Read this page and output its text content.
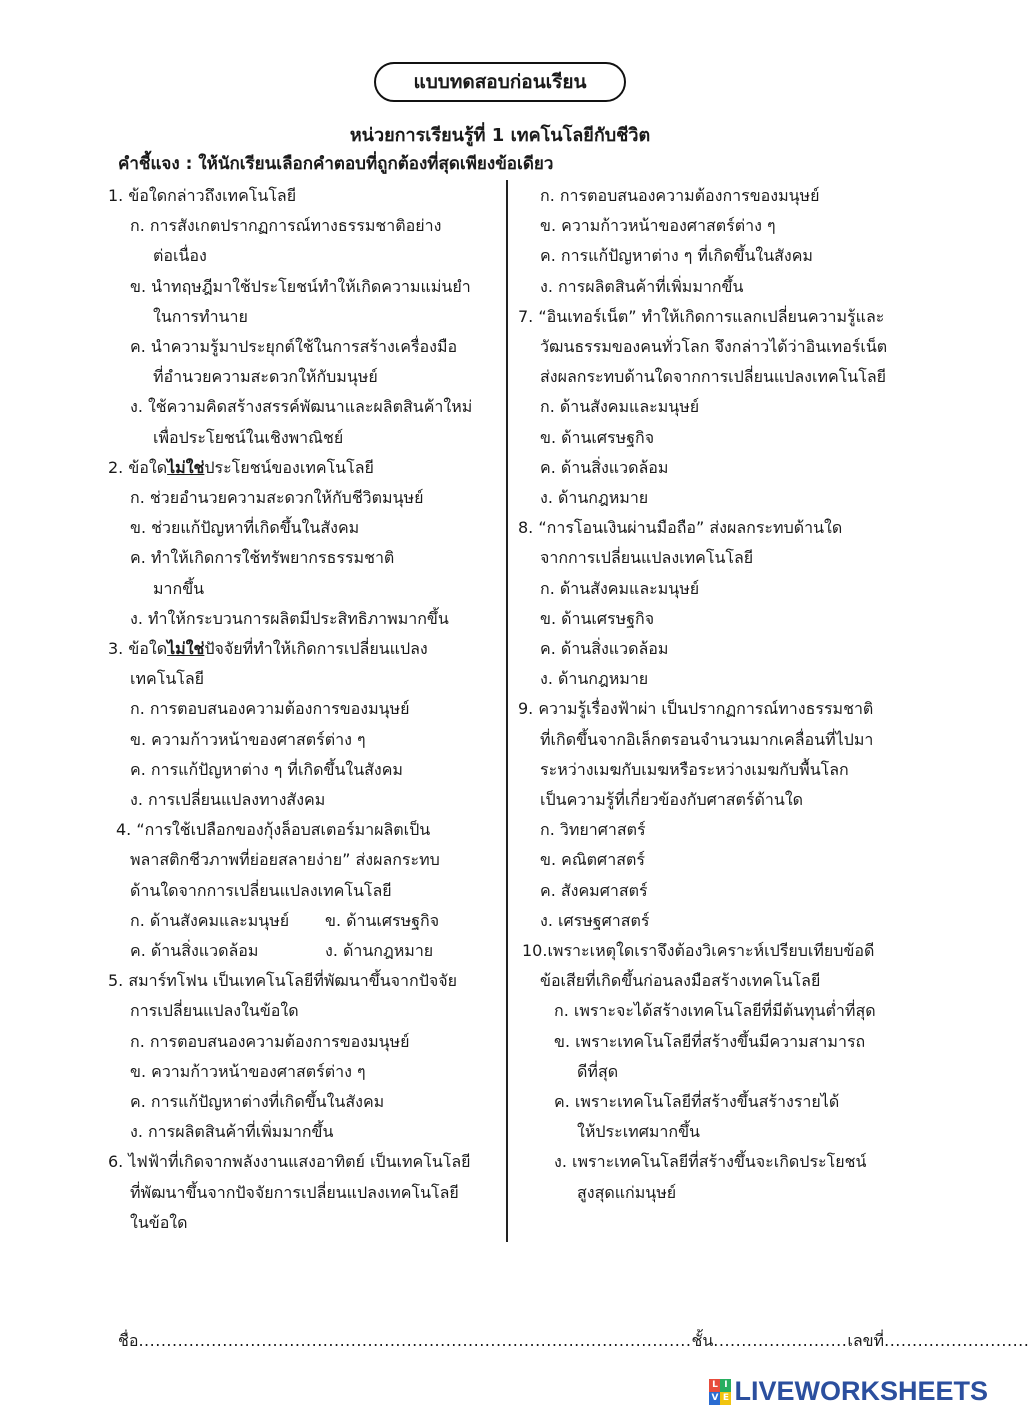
แบบทดสอบก่อนเรียน
หน่วยการเรียนรู้ที่ 1 เทคโนโลยีกับชีวิต
คำชี้แจง : ให้นักเรียนเลือกคำตอบที่ถูกต้องที่สุดเพียงข้อเดียว
1. ข้อใดกล่าวถึงเทคโนโลยี
ก. การสังเกตปรากฏการณ์ทางธรรมชาติอย่าง
ต่อเนื่อง
ข. นำทฤษฎีมาใช้ประโยชน์ทำให้เกิดความแม่นยำ
ในการทำนาย
ค. นำความรู้มาประยุกต์ใช้ในการสร้างเครื่องมือ
ที่อำนวยความสะดวกให้กับมนุษย์
ง. ใช้ความคิดสร้างสรรค์พัฒนาและผลิตสินค้าใหม่
เพื่อประโยชน์ในเชิงพาณิชย์
2. ข้อใดไม่ใช่ประโยชน์ของเทคโนโลยี
ก. ช่วยอำนวยความสะดวกให้กับชีวิตมนุษย์
ข. ช่วยแก้ปัญหาที่เกิดขึ้นในสังคม
ค. ทำให้เกิดการใช้ทรัพยากรธรรมชาติ
มากขึ้น
ง. ทำให้กระบวนการผลิตมีประสิทธิภาพมากขึ้น
3. ข้อใดไม่ใช่ปัจจัยที่ทำให้เกิดการเปลี่ยนแปลง
เทคโนโลยี
ก. การตอบสนองความต้องการของมนุษย์
ข. ความก้าวหน้าของศาสตร์ต่าง ๆ
ค. การแก้ปัญหาต่าง ๆ ที่เกิดขึ้นในสังคม
ง. การเปลี่ยนแปลงทางสังคม
4. “การใช้เปลือกของกุ้งล็อบสเตอร์มาผลิตเป็น
พลาสติกชีวภาพที่ย่อยสลายง่าย” ส่งผลกระทบ
ด้านใดจากการเปลี่ยนแปลงเทคโนโลยี
ก. ด้านสังคมและมนุษย์ ข. ด้านเศรษฐกิจ
ค. ด้านสิ่งแวดล้อม	ง. ด้านกฎหมาย
5. สมาร์ทโฟน เป็นเทคโนโลยีที่พัฒนาขึ้นจากปัจจัย
การเปลี่ยนแปลงในข้อใด
ก. การตอบสนองความต้องการของมนุษย์
ข. ความก้าวหน้าของศาสตร์ต่าง ๆ
ค. การแก้ปัญหาต่างที่เกิดขึ้นในสังคม
ง. การผลิตสินค้าที่เพิ่มมากขึ้น
6. ไฟฟ้าที่เกิดจากพลังงานแสงอาทิตย์ เป็นเทคโนโลยี
ที่พัฒนาขึ้นจากปัจจัยการเปลี่ยนแปลงเทคโนโลยี
ในข้อใด
ก. การตอบสนองความต้องการของมนุษย์
ข. ความก้าวหน้าของศาสตร์ต่าง ๆ
ค. การแก้ปัญหาต่าง ๆ ที่เกิดขึ้นในสังคม
ง. การผลิตสินค้าที่เพิ่มมากขึ้น
7. “อินเทอร์เน็ต” ทำให้เกิดการแลกเปลี่ยนความรู้และ
วัฒนธรรมของคนทั่วโลก จึงกล่าวได้ว่าอินเทอร์เน็ต
ส่งผลกระทบด้านใดจากการเปลี่ยนแปลงเทคโนโลยี
ก. ด้านสังคมและมนุษย์
ข. ด้านเศรษฐกิจ
ค. ด้านสิ่งแวดล้อม
ง. ด้านกฎหมาย
8. “การโอนเงินผ่านมือถือ” ส่งผลกระทบด้านใด
จากการเปลี่ยนแปลงเทคโนโลยี
ก. ด้านสังคมและมนุษย์
ข. ด้านเศรษฐกิจ
ค. ด้านสิ่งแวดล้อม
ง. ด้านกฎหมาย
9. ความรู้เรื่องฟ้าผ่า เป็นปรากฏการณ์ทางธรรมชาติ
ที่เกิดขึ้นจากอิเล็กตรอนจำนวนมากเคลื่อนที่ไปมา
ระหว่างเมฆกับเมฆหรือระหว่างเมฆกับพื้นโลก
เป็นความรู้ที่เกี่ยวข้องกับศาสตร์ด้านใด
ก. วิทยาศาสตร์
ข. คณิตศาสตร์
ค. สังคมศาสตร์
ง. เศรษฐศาสตร์
10.เพราะเหตุใดเราจึงต้องวิเคราะห์เปรียบเทียบข้อดี
ข้อเสียที่เกิดขึ้นก่อนลงมือสร้างเทคโนโลยี
ก. เพราะจะได้สร้างเทคโนโลยีที่มีต้นทุนต่ำที่สุด
ข. เพราะเทคโนโลยีที่สร้างขึ้นมีความสามารถ
ดีที่สุด
ค. เพราะเทคโนโลยีที่สร้างขึ้นสร้างรายได้
ให้ประเทศมากขึ้น
ง. เพราะเทคโนโลยีที่สร้างขึ้นจะเกิดประโยชน์
สูงสุดแก่มนุษย์
ชื่อ...................................................................................................ชั้น........................เลขที่..........................
L I
V E LIVEWORKSHEETS
